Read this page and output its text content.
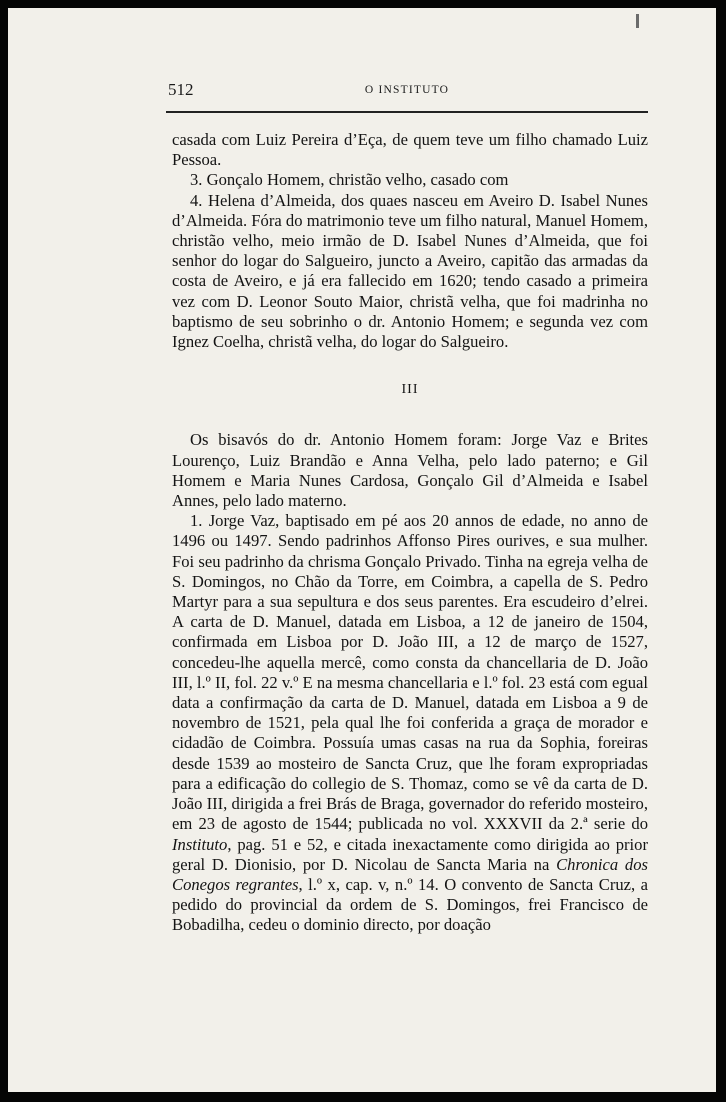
512	O INSTITUTO

casada com Luiz Pereira d’Eça, de quem teve um filho chamado Luiz Pessoa.

3. Gonçalo Homem, christão velho, casado com

4. Helena d’Almeida, dos quaes nasceu em Aveiro D. Isabel Nunes d’Almeida. Fóra do matrimonio teve um filho natural, Manuel Homem, christão velho, meio irmão de D. Isabel Nunes d’Almeida, que foi senhor do logar do Salgueiro, juncto a Aveiro, capitão das armadas da costa de Aveiro, e já era fallecido em 1620; tendo casado a primeira vez com D. Leonor Souto Maior, christã velha, que foi madrinha no baptismo de seu sobrinho o dr. Antonio Homem; e segunda vez com Ignez Coelha, christã velha, do logar do Salgueiro.

III

Os bisavós do dr. Antonio Homem foram: Jorge Vaz e Brites Lourenço, Luiz Brandão e Anna Velha, pelo lado paterno; e Gil Homem e Maria Nunes Cardosa, Gonçalo Gil d’Almeida e Isabel Annes, pelo lado materno.

1. Jorge Vaz, baptisado em pé aos 20 annos de edade, no anno de 1496 ou 1497. Sendo padrinhos Affonso Pires ourives, e sua mulher. Foi seu padrinho da chrisma Gonçalo Privado. Tinha na egreja velha de S. Domingos, no Chão da Torre, em Coimbra, a capella de S. Pedro Martyr para a sua sepultura e dos seus parentes. Era escudeiro d’elrei. A carta de D. Manuel, datada em Lisboa, a 12 de janeiro de 1504, confirmada em Lisboa por D. João III, a 12 de março de 1527, concedeu-lhe aquella mercê, como consta da chancellaria de D. João III, l.º II, fol. 22 v.º E na mesma chancellaria e l.º fol. 23 está com egual data a confirmação da carta de D. Manuel, datada em Lisboa a 9 de novembro de 1521, pela qual lhe foi conferida a graça de morador e cidadão de Coimbra. Possuía umas casas na rua da Sophia, foreiras desde 1539 ao mosteiro de Sancta Cruz, que lhe foram expropriadas para a edificação do collegio de S. Thomaz, como se vê da carta de D. João III, dirigida a frei Brás de Braga, governador do referido mosteiro, em 23 de agosto de 1544; publicada no vol. XXXVII da 2.ª serie do Instituto, pag. 51 e 52, e citada inexactamente como dirigida ao prior geral D. Dionisio, por D. Nicolau de Sancta Maria na Chronica dos Conegos regrantes, l.º x, cap. v, n.º 14. O convento de Sancta Cruz, a pedido do provincial da ordem de S. Domingos, frei Francisco de Bobadilha, cedeu o dominio directo, por doação
